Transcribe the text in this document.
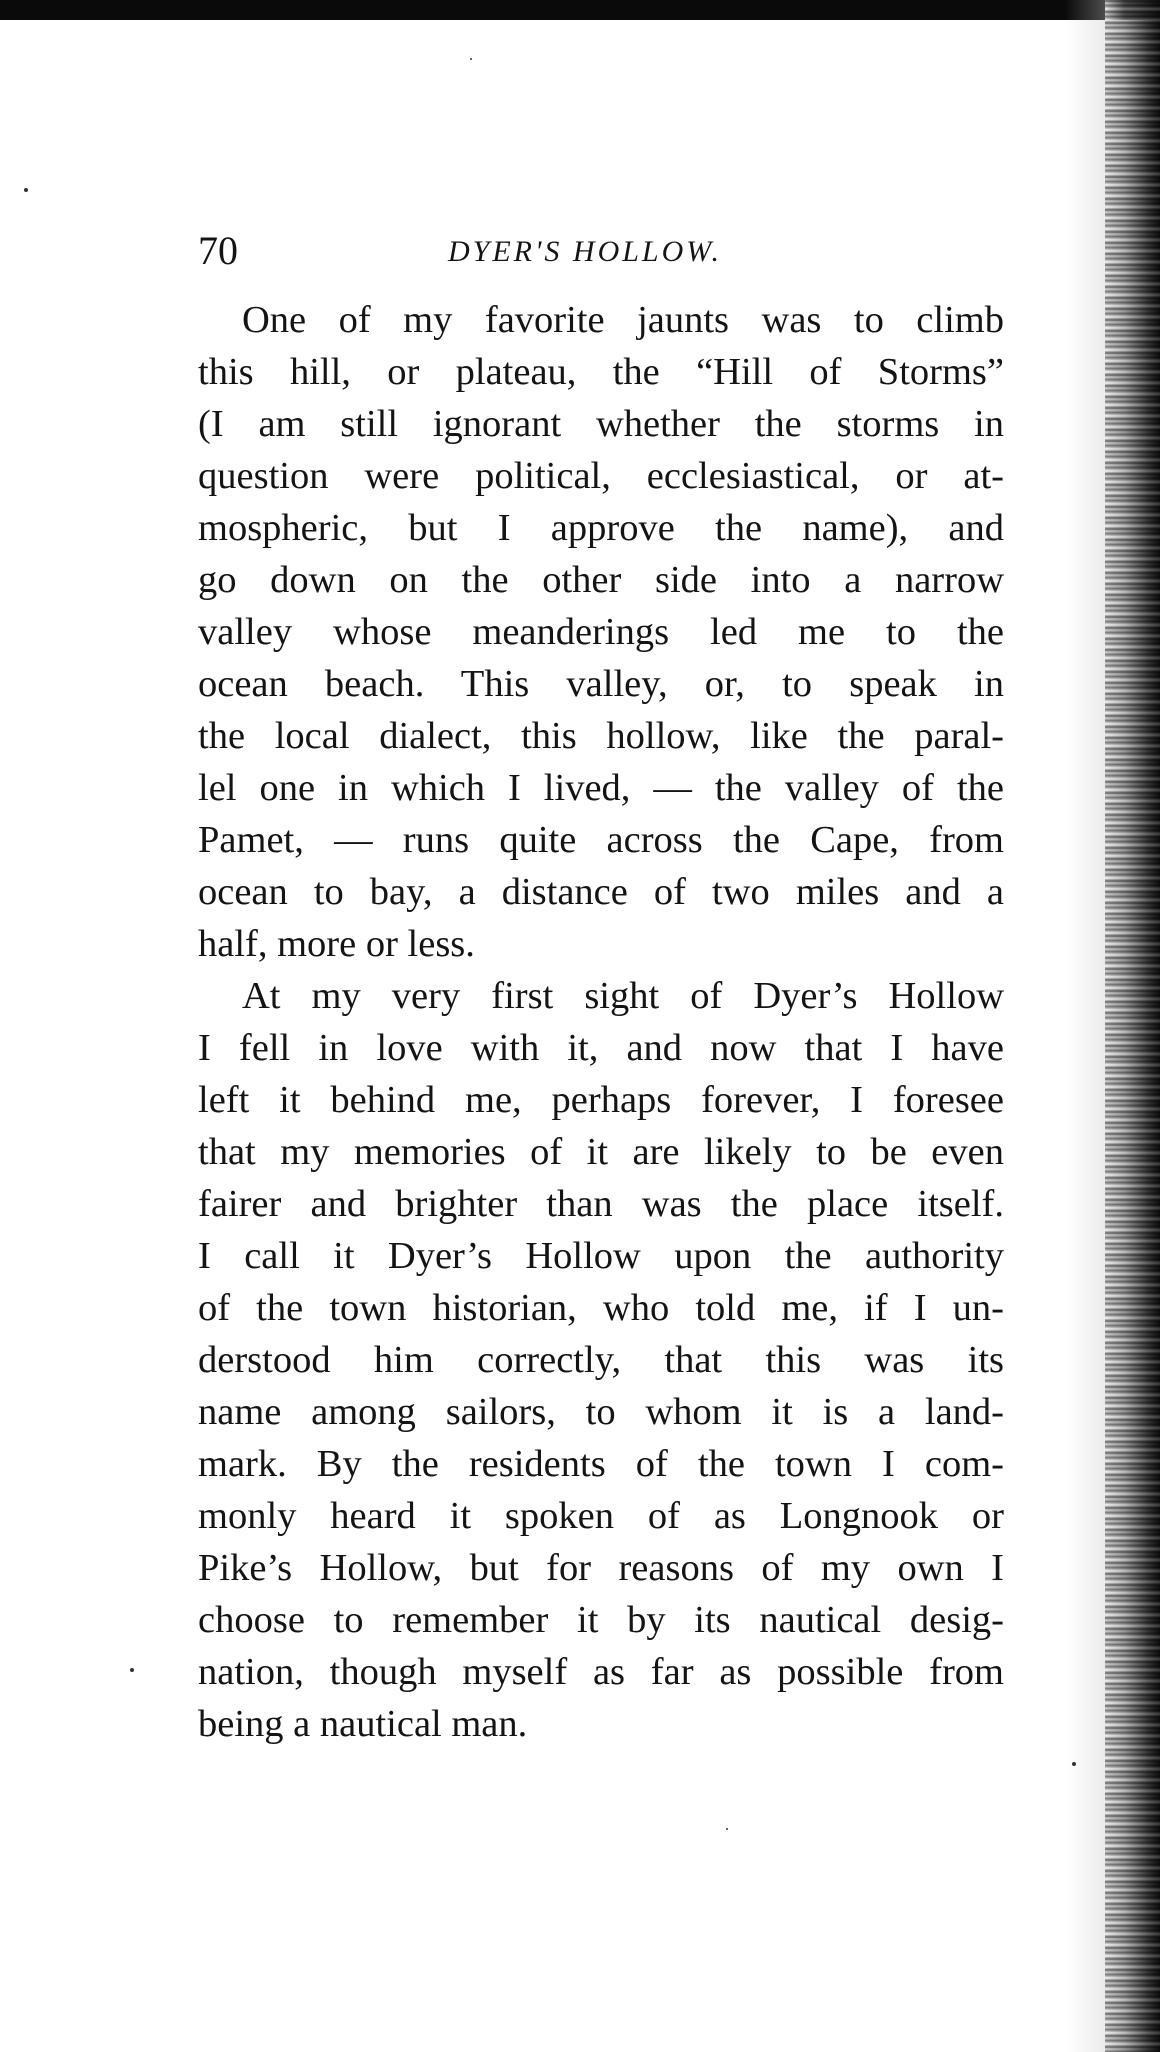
70	DYER'S HOLLOW.
One of my favorite jaunts was to climb
this hill, or plateau, the “Hill of Storms”
(I am still ignorant whether the storms in
question were political, ecclesiastical, or at-
mospheric, but I approve the name), and
go down on the other side into a narrow
valley whose meanderings led me to the
ocean beach. This valley, or, to speak in
the local dialect, this hollow, like the paral-
lel one in which I lived, — the valley of the
Pamet, — runs quite across the Cape, from
ocean to bay, a distance of two miles and a
half, more or less.
At my very first sight of Dyer’s Hollow
I fell in love with it, and now that I have
left it behind me, perhaps forever, I foresee
that my memories of it are likely to be even
fairer and brighter than was the place itself.
I call it Dyer’s Hollow upon the authority
of the town historian, who told me, if I un-
derstood him correctly, that this was its
name among sailors, to whom it is a land-
mark. By the residents of the town I com-
monly heard it spoken of as Longnook or
Pike’s Hollow, but for reasons of my own I
choose to remember it by its nautical desig-
nation, though myself as far as possible from
being a nautical man.
